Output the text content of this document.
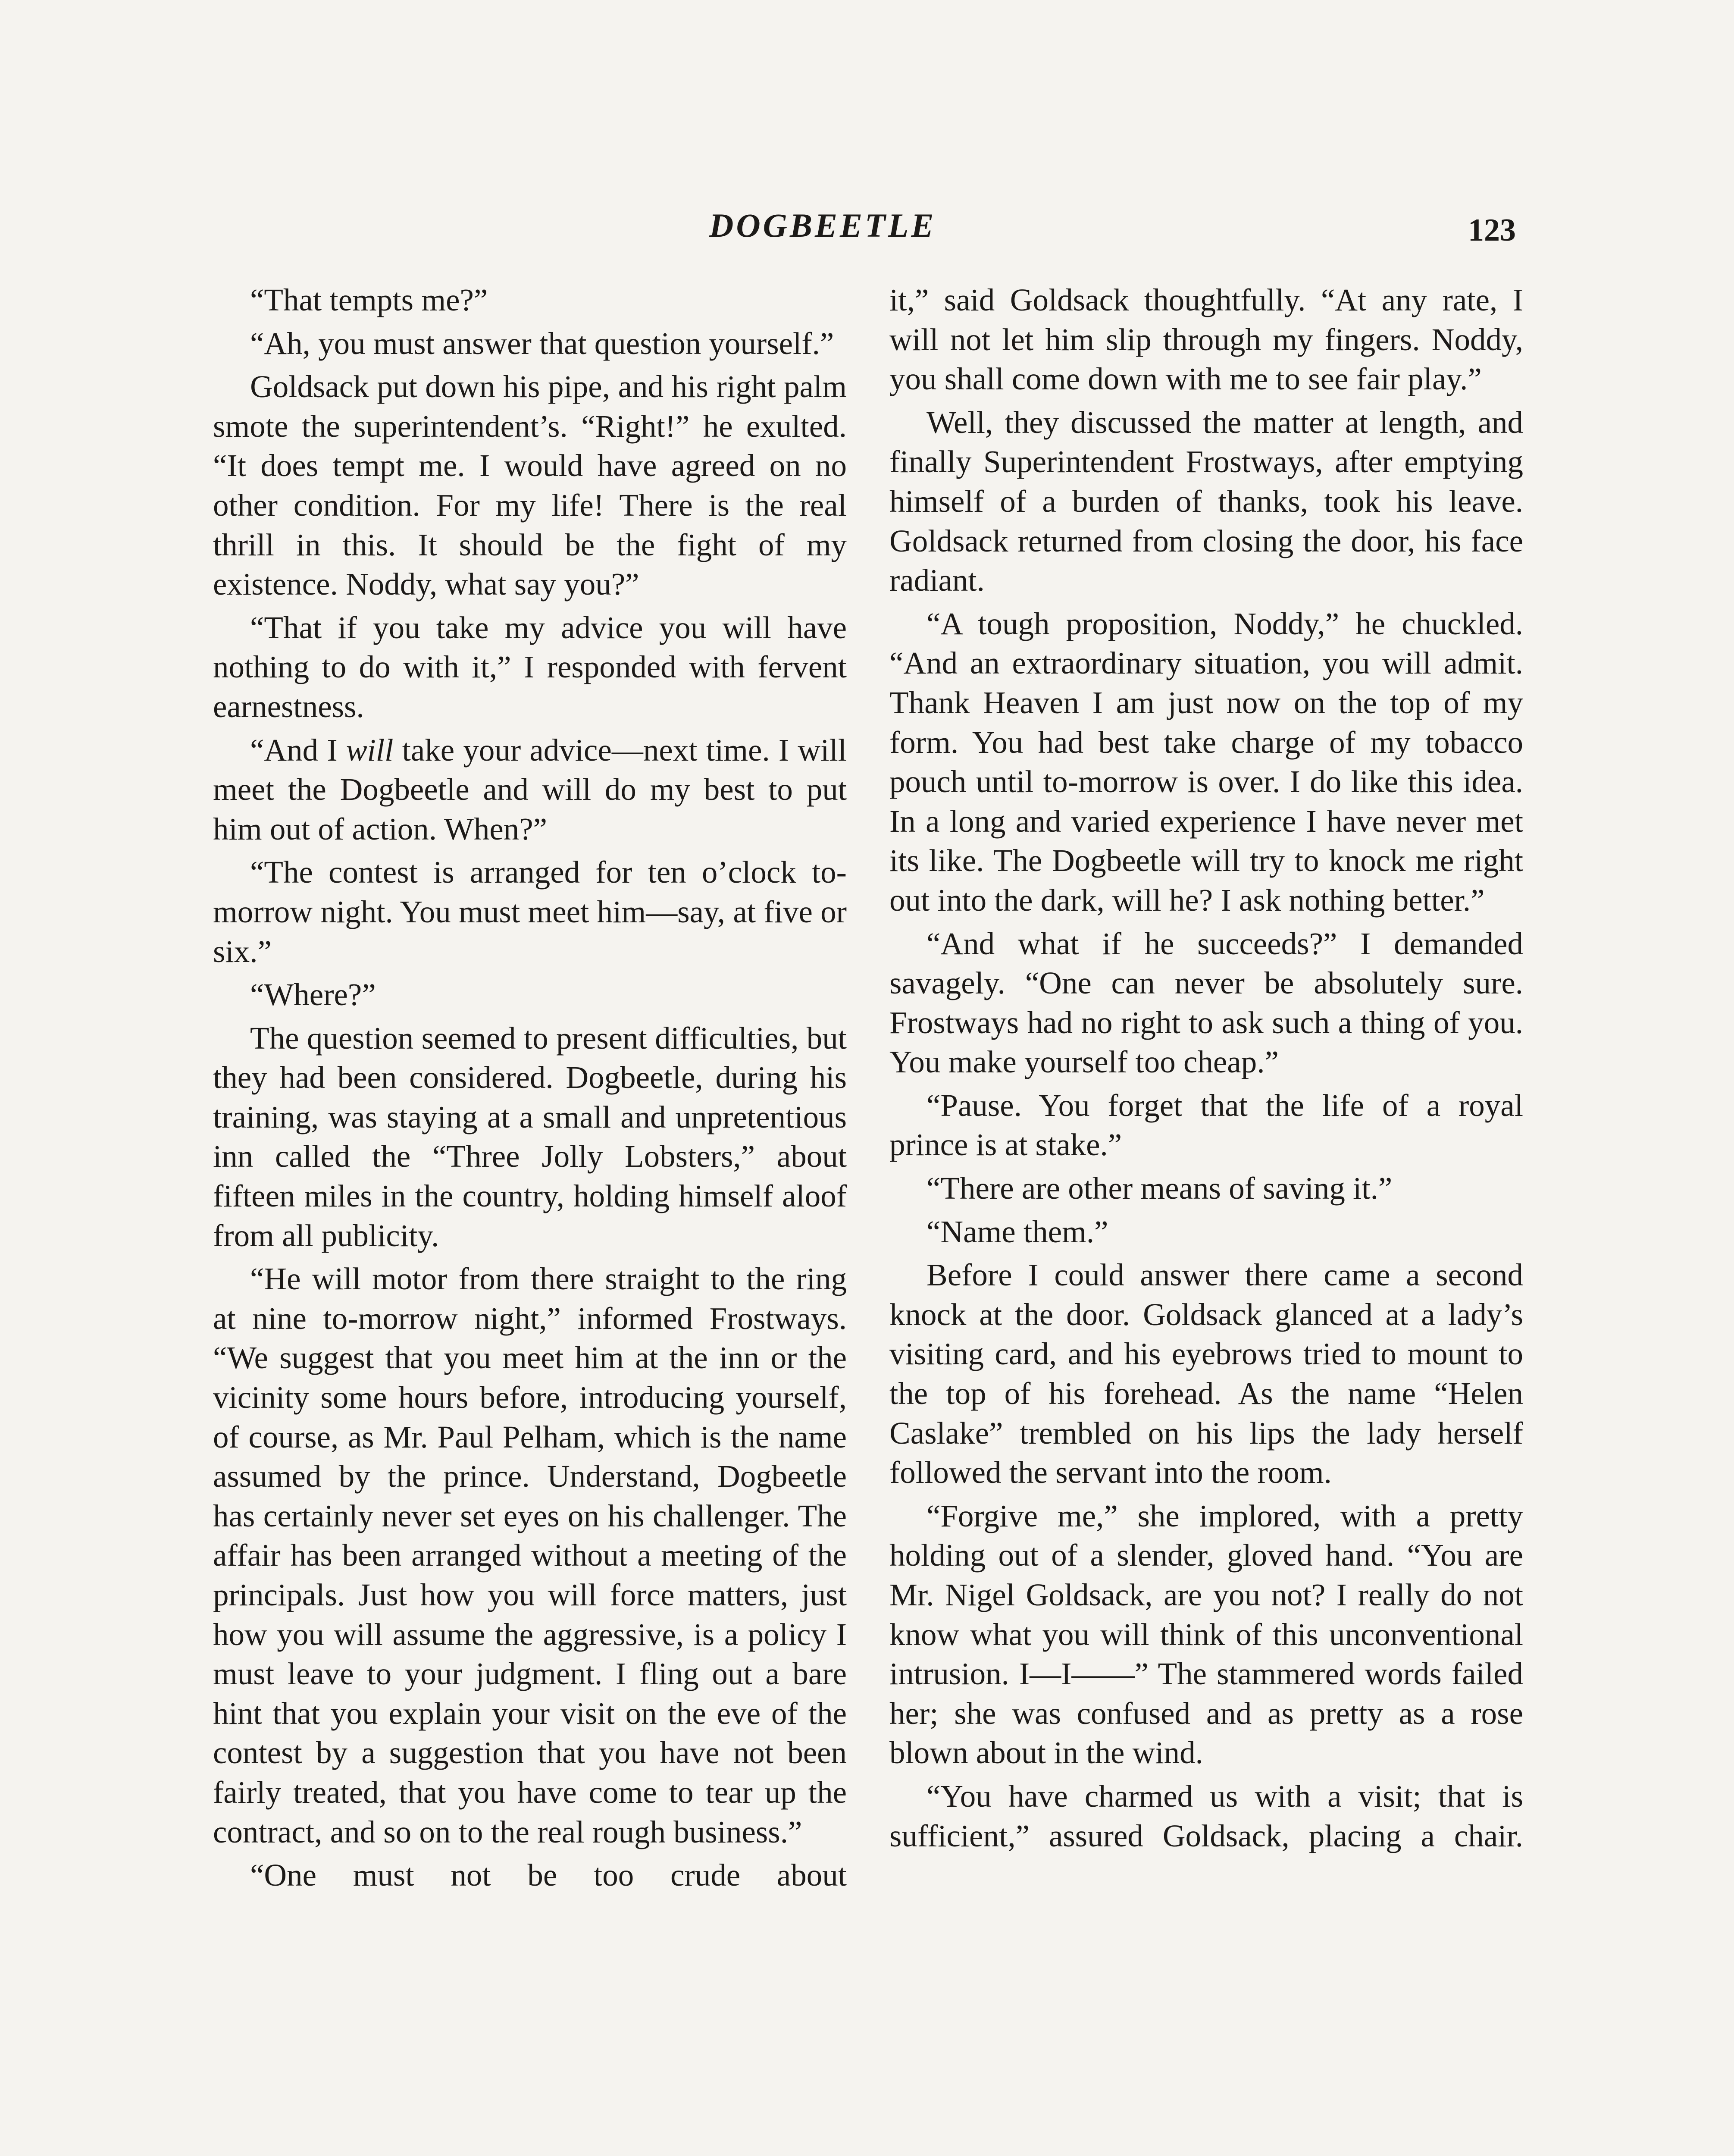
DOGBEETLE	123

“That tempts me?”

“Ah, you must answer that question yourself.”

Goldsack put down his pipe, and his right palm smote the superintendent’s. “Right!” he exulted. “It does tempt me. I would have agreed on no other condition. For my life! There is the real thrill in this. It should be the fight of my existence. Noddy, what say you?”

“That if you take my advice you will have nothing to do with it,” I responded with fervent earnestness.

“And I will take your advice—next time. I will meet the Dogbeetle and will do my best to put him out of action. When?”

“The contest is arranged for ten o’clock to-morrow night. You must meet him—say, at five or six.”

“Where?”

The question seemed to present difficulties, but they had been considered. Dogbeetle, during his training, was staying at a small and unpretentious inn called the “Three Jolly Lobsters,” about fifteen miles in the country, holding himself aloof from all publicity.

“He will motor from there straight to the ring at nine to-morrow night,” informed Frostways. “We suggest that you meet him at the inn or the vicinity some hours before, introducing yourself, of course, as Mr. Paul Pelham, which is the name assumed by the prince. Understand, Dogbeetle has certainly never set eyes on his challenger. The affair has been arranged without a meeting of the principals. Just how you will force matters, just how you will assume the aggressive, is a policy I must leave to your judgment. I fling out a bare hint that you explain your visit on the eve of the contest by a suggestion that you have not been fairly treated, that you have come to tear up the contract, and so on to the real rough business.”

“One must not be too crude about

it,” said Goldsack thoughtfully. “At any rate, I will not let him slip through my fingers. Noddy, you shall come down with me to see fair play.”

Well, they discussed the matter at length, and finally Superintendent Frostways, after emptying himself of a burden of thanks, took his leave. Goldsack returned from closing the door, his face radiant.

“A tough proposition, Noddy,” he chuckled. “And an extraordinary situation, you will admit. Thank Heaven I am just now on the top of my form. You had best take charge of my tobacco pouch until to-morrow is over. I do like this idea. In a long and varied experience I have never met its like. The Dogbeetle will try to knock me right out into the dark, will he? I ask nothing better.”

“And what if he succeeds?” I demanded savagely. “One can never be absolutely sure. Frostways had no right to ask such a thing of you. You make yourself too cheap.”

“Pause. You forget that the life of a royal prince is at stake.”

“There are other means of saving it.”

“Name them.”

Before I could answer there came a second knock at the door. Goldsack glanced at a lady’s visiting card, and his eyebrows tried to mount to the top of his forehead. As the name “Helen Caslake” trembled on his lips the lady herself followed the servant into the room.

“Forgive me,” she implored, with a pretty holding out of a slender, gloved hand. “You are Mr. Nigel Goldsack, are you not? I really do not know what you will think of this unconventional intrusion. I—I——” The stammered words failed her; she was confused and as pretty as a rose blown about in the wind.

“You have charmed us with a visit; that is sufficient,” assured Goldsack, placing a chair.
